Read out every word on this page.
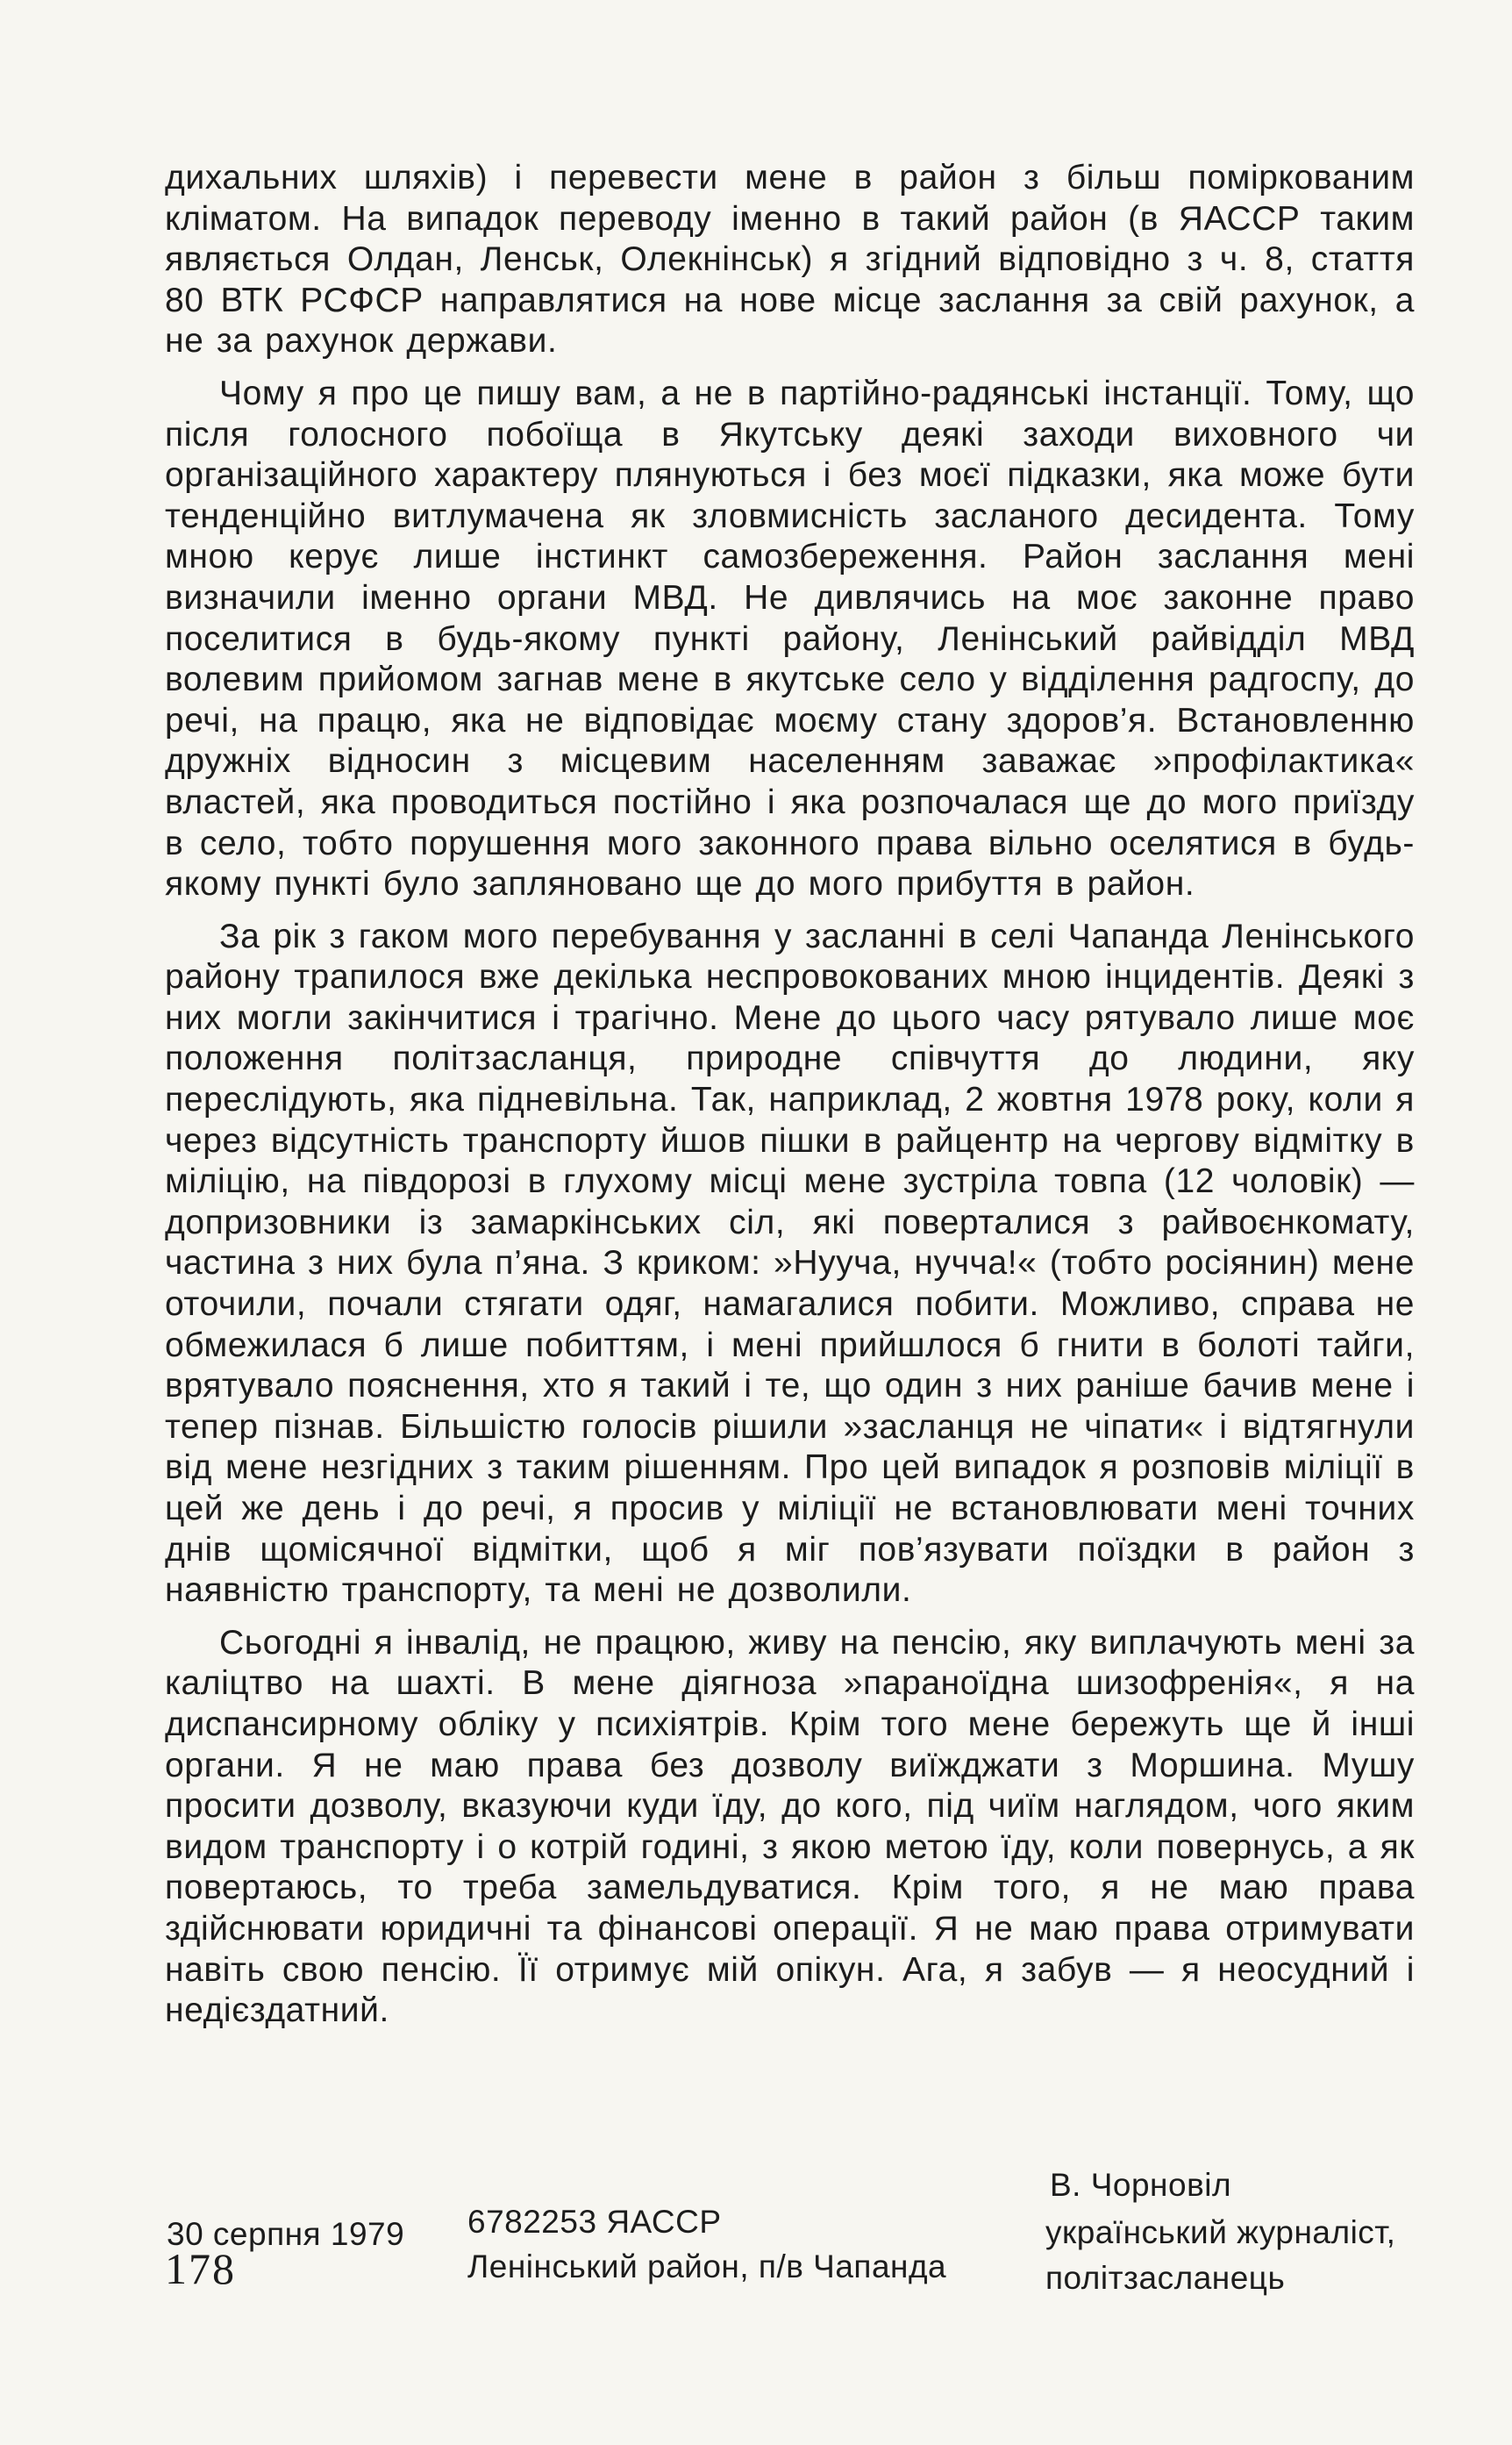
дихальних шляхів) і перевести мене в район з більш поміркованим кліматом. На випадок переводу іменно в такий район (в ЯАССР таким являється Олдан, Ленськ, Олекнінськ) я згідний відповідно з ч. 8, стаття 80 ВТК РСФСР направлятися на нове місце заслання за свій рахунок, а не за рахунок держави.

Чому я про це пишу вам, а не в партійно-радянські інстанції. Тому, що після голосного побоїща в Якутську деякі заходи виховного чи організаційного характеру плянуються і без моєї підказки, яка може бути тенденційно витлумачена як зловмисність засланого десидента. Тому мною керує лише інстинкт самозбереження. Район заслання мені визначили іменно органи МВД. Не дивлячись на моє законне право поселитися в будь-якому пункті району, Ленінський райвідділ МВД волевим прийомом загнав мене в якутське село у відділення радгоспу, до речі, на працю, яка не відповідає моєму стану здоров’я. Встановленню дружніх відносин з місцевим населенням заважає »профілактика« властей, яка проводиться постійно і яка розпочалася ще до мого приїзду в село, тобто порушення мого законного права вільно оселятися в будь-якому пункті було запляновано ще до мого прибуття в район.

За рік з гаком мого перебування у засланні в селі Чапанда Ленінського району трапилося вже декілька неспровокованих мною інцидентів. Деякі з них могли закінчитися і трагічно. Мене до цього часу рятувало лише моє положення політзасланця, природне співчуття до людини, яку переслідують, яка підневільна. Так, наприклад, 2 жовтня 1978 року, коли я через відсутність транспорту йшов пішки в райцентр на чергову відмітку в міліцію, на півдорозі в глухому місці мене зустріла товпа (12 чоловік) — допризовники із замаркінських сіл, які поверталися з райвоєнкомату, частина з них була п’яна. З криком: »Нууча, нучча!« (тобто росіянин) мене оточили, почали стягати одяг, намагалися побити. Можливо, справа не обмежилася б лише побиттям, і мені прийшлося б гнити в болоті тайги, врятувало пояснення, хто я такий і те, що один з них раніше бачив мене і тепер пізнав. Більшістю голосів рішили »засланця не чіпати« і відтягнули від мене незгідних з таким рішенням. Про цей випадок я розповів міліції в цей же день і до речі, я просив у міліції не встановлювати мені точних днів щомісячної відмітки, щоб я міг пов’язувати поїздки в район з наявністю транспорту, та мені не дозволили.

Сьогодні я інвалід, не працюю, живу на пенсію, яку виплачують мені за каліцтво на шахті. В мене діягноза »параноїдна шизофренія«, я на диспансирному обліку у психіятрів. Крім того мене бережуть ще й інші органи. Я не маю права без дозволу виїжджати з Моршина. Мушу просити дозволу, вказуючи куди їду, до кого, під чиїм наглядом, чого яким видом транспорту і о котрій годині, з якою метою їду, коли повернусь, а як повертаюсь, то треба замельдуватися. Крім того, я не маю права здійснювати юридичні та фінансові операції. Я не маю права отримувати навіть свою пенсію. Її отримує мій опікун. Ага, я забув — я неосудний і недієздатний.

В. Чорновіл
український журналіст,
політзасланець
30 серпня 1979 6782253 ЯАССР
Ленінський район, п/в Чапанда
178
